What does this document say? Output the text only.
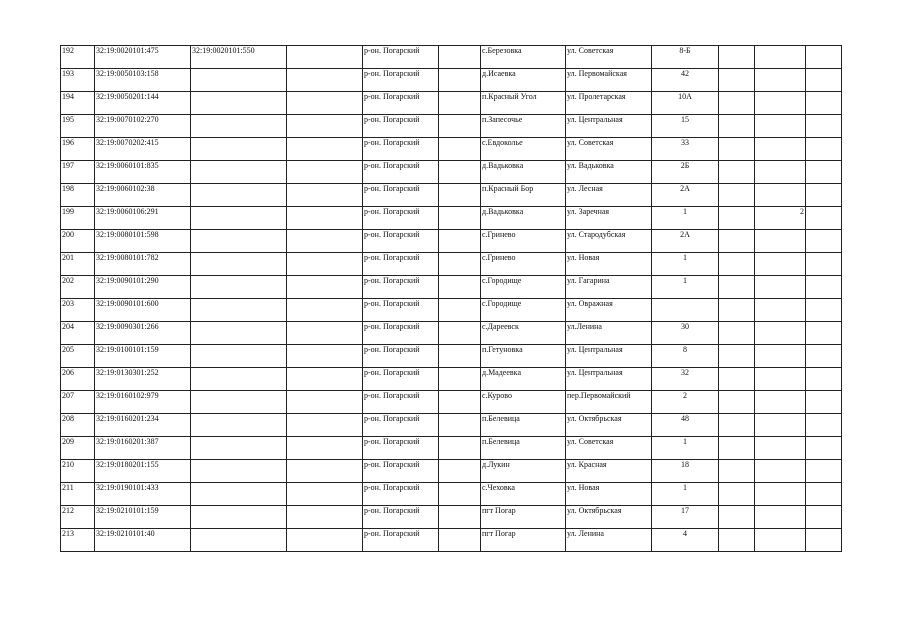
192	32:19:0020101:475	32:19:0020101:550		р-он. Погарский		с.Березовка	ул. Советская	8-Б			
193	32:19:0050103:158			р-он. Погарский		д.Исаевка	ул. Первомайская	42			
194	32:19:0050201:144			р-он. Погарский		п.Красный Угол	ул. Пролетарская	10А			
195	32:19:0070102:270			р-он. Погарский		п.Запесочье	ул. Центральная	15			
196	32:19:0070202:415			р-он. Погарский		с.Евдоколье	ул. Советская	33			
197	32:19:0060101:835			р-он. Погарский		д.Вадьковка	ул. Вадьковка	2Б			
198	32:19:0060102:38			р-он. Погарский		п.Красный Бор	ул. Лесная	2А			
199	32:19:0060106:291			р-он. Погарский		д.Вадьковка	ул. Заречная	1		2	
200	32:19:0080101:598			р-он. Погарский		с.Гринево	ул. Стародубская	2А			
201	32:19:0080101:782			р-он. Погарский		с.Гринево	ул. Новая	1			
202	32:19:0090101:290			р-он. Погарский		с.Городище	ул. Гагарина	1			
203	32:19:0090101:600			р-он. Погарский		с.Городище	ул. Овражная				
204	32:19:0090301:266			р-он. Погарский		с.Дареевск	ул.Ленина	30			
205	32:19:0100101:159			р-он. Погарский		п.Гетуновка	ул. Центральная	8			
206	32:19:0130301:252			р-он. Погарский		д.Мадеевка	ул. Центральная	32			
207	32:19:0160102:979			р-он. Погарский		с.Курово	пер.Первомайский	2			
208	32:19:0160201:234			р-он. Погарский		п.Белевица	ул. Октябрьская	48			
209	32:19:0160201:387			р-он. Погарский		п.Белевица	ул. Советская	1			
210	32:19:0180201:155			р-он. Погарский		д.Лукин	ул. Красная	18			
211	32:19:0190101:433			р-он. Погарский		с.Чеховка	ул. Новая	1			
212	32:19:0210101:159			р-он. Погарский		пгт Погар	ул. Октябрьская	17			
213	32:19:0210101:40			р-он. Погарский		пгт Погар	ул. Ленина	4			
